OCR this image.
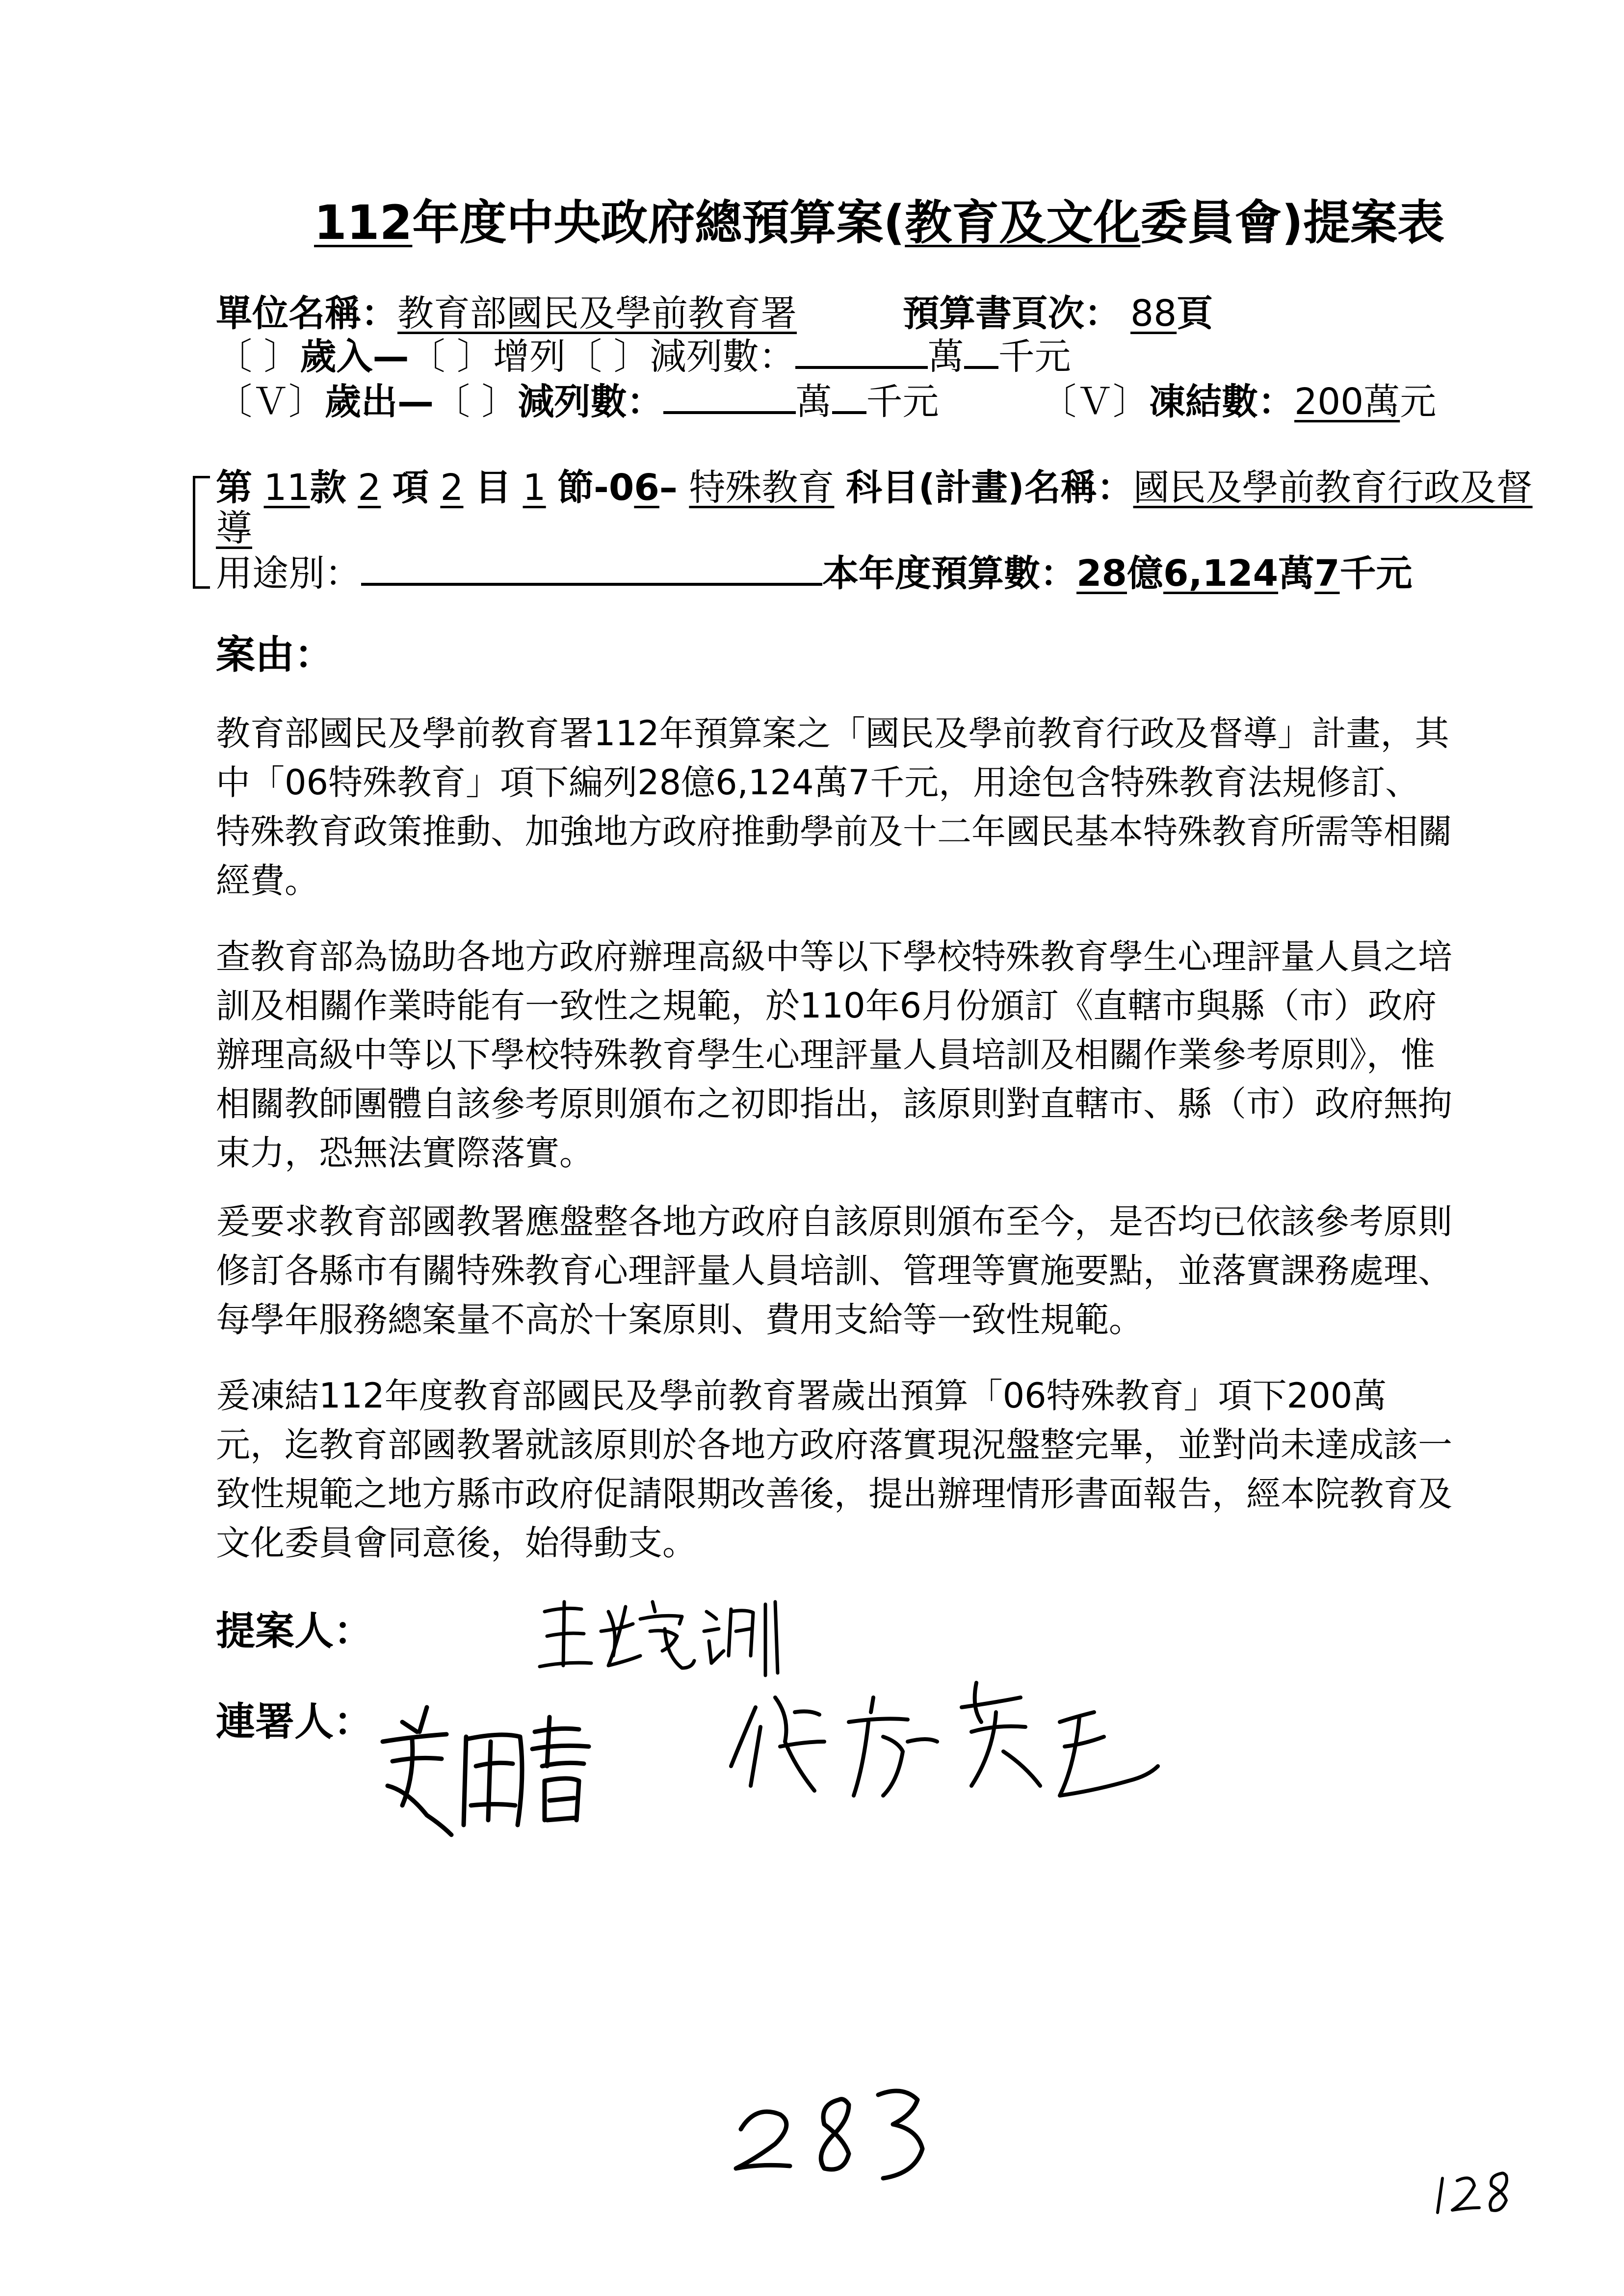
112年度中央政府總預算案(教育及文化委員會)提案表
單位名稱：教育部國民及學前教育署	預算書頁次： 88頁
〔 〕歲入—〔 〕增列〔 〕減列數：	萬 千元
〔Ｖ〕歲出—〔 〕減列數：	萬 千元	〔Ｖ〕凍結數：200萬元
第 11款 2 項 2 目 1 節-06– 特殊教育 科目(計畫)名稱：國民及學前教育行政及督
導
用途別：	本年度預算數：28億6,124萬7千元
案由：
教育部國民及學前教育署112年預算案之「國民及學前教育行政及督導」計畫，其中「06特殊教育」項下編列28億6,124萬7千元，用途包含特殊教育法規修訂、特殊教育政策推動、加強地方政府推動學前及十二年國民基本特殊教育所需等相關經費。
查教育部為協助各地方政府辦理高級中等以下學校特殊教育學生心理評量人員之培訓及相關作業時能有一致性之規範，於110年6月份頒訂《直轄市與縣（市）政府辦理高級中等以下學校特殊教育學生心理評量人員培訓及相關作業參考原則》，惟相關教師團體自該參考原則頒布之初即指出，該原則對直轄市、縣（市）政府無拘束力，恐無法實際落實。
爰要求教育部國教署應盤整各地方政府自該原則頒布至今，是否均已依該參考原則修訂各縣市有關特殊教育心理評量人員培訓、管理等實施要點，並落實課務處理、每學年服務總案量不高於十案原則、費用支給等一致性規範。
爰凍結112年度教育部國民及學前教育署歲出預算「06特殊教育」項下200萬元，迄教育部國教署就該原則於各地方政府落實現況盤整完畢，並對尚未達成該一致性規範之地方縣市政府促請限期改善後，提出辦理情形書面報告，經本院教育及文化委員會同意後，始得動支。
提案人：
連署人：
